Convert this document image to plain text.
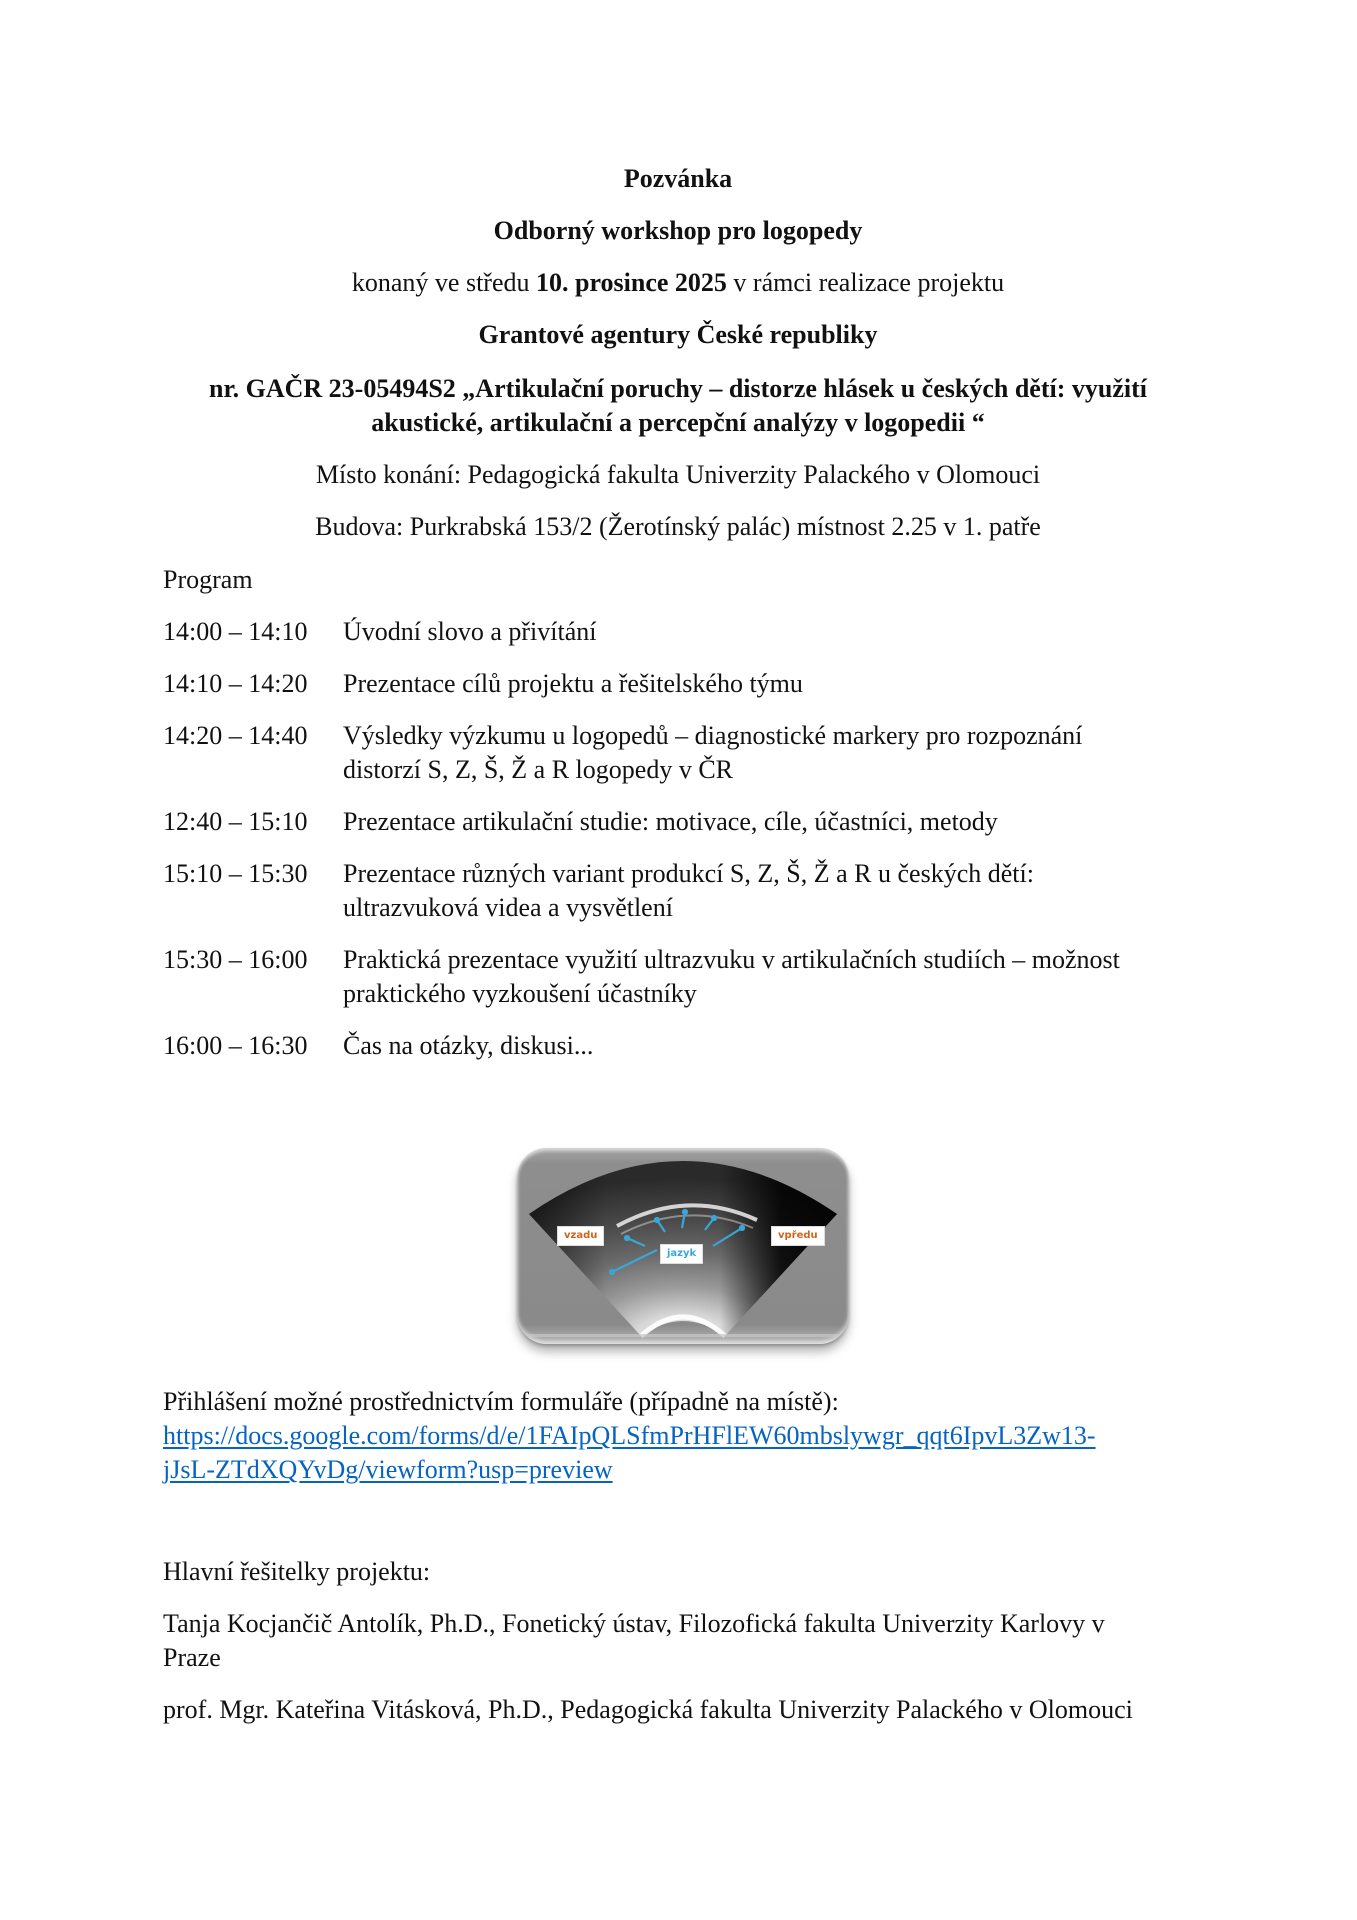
Pozvánka
Odborný workshop pro logopedy
konaný ve středu 10. prosince 2025 v rámci realizace projektu
Grantové agentury České republiky
nr. GAČR 23-05494S2 „Artikulační poruchy – distorze hlásek u českých dětí: využití
akustické, artikulační a percepční analýzy v logopedii “
Místo konání: Pedagogická fakulta Univerzity Palackého v Olomouci
Budova: Purkrabská 153/2 (Žerotínský palác) místnost 2.25 v 1. patře
Program
14:00 – 14:10	Úvodní slovo a přivítání
14:10 – 14:20	Prezentace cílů projektu a řešitelského týmu
14:20 – 14:40	Výsledky výzkumu u logopedů – diagnostické markery pro rozpoznání distorzí S, Z, Š, Ž a R logopedy v ČR
12:40 – 15:10	Prezentace artikulační studie: motivace, cíle, účastníci, metody
15:10 – 15:30	Prezentace různých variant produkcí S, Z, Š, Ž a R u českých dětí: ultrazvuková videa a vysvětlení
15:30 – 16:00	Praktická prezentace využití ultrazvuku v artikulačních studiích – možnost praktického vyzkoušení účastníky
16:00 – 16:30	Čas na otázky, diskusi...
Přihlášení možné prostřednictvím formuláře (případně na místě):
https://docs.google.com/forms/d/e/1FAIpQLSfmPrHFlEW60mbslywgr_qqt6IpvL3Zw13-
jJsL-ZTdXQYvDg/viewform?usp=preview
Hlavní řešitelky projektu:
Tanja Kocjančič Antolík, Ph.D., Fonetický ústav, Filozofická fakulta Univerzity Karlovy v
Praze
prof. Mgr. Kateřina Vitásková, Ph.D., Pedagogická fakulta Univerzity Palackého v Olomouci
vzadu
jazyk
vpředu
